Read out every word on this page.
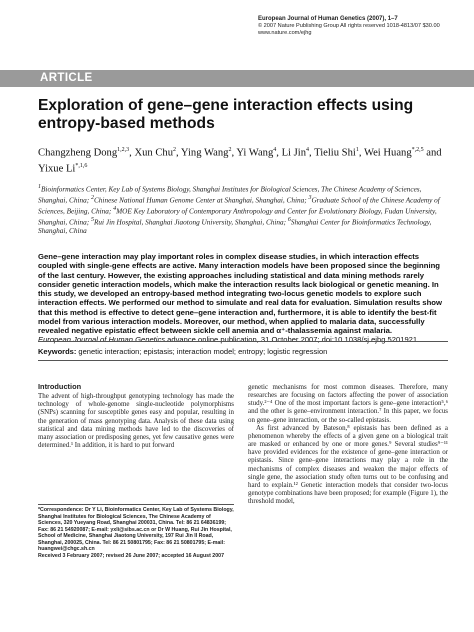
European Journal of Human Genetics (2007), 1–7
© 2007 Nature Publishing Group All rights reserved 1018-4813/07 $30.00
www.nature.com/ejhg
ARTICLE
Exploration of gene–gene interaction effects using entropy-based methods
Changzheng Dong$^{1,2,3}$, Xun Chu$^2$, Ying Wang$^2$, Yi Wang$^4$, Li Jin$^4$, Tieliu Shi$^1$, Wei Huang$^{*,2,5}$ and Yixue $Li^{*,1,6}$
$^1$Bioinformatics Center, Key Lab of Systems Biology, Shanghai Institutes for Biological Sciences, The Chinese Academy of Sciences, Shanghai, China; $^2$Chinese National Human Genome Center at Shanghai, Shanghai, China; $^3$Graduate School of the Chinese Academy of Sciences, Beijing, China; $^4$MOE Key Laboratory of Contemporary Anthropology and Center for Evolutionary Biology, Fudan University, Shanghai, China; $^5$Rui Jin Hospital, Shanghai Jiaotong University, Shanghai, China; $^6$Shanghai Center for Bioinformatics Technology, Shanghai, China
Gene–gene interaction may play important roles in complex disease studies, in which interaction effects coupled with single-gene effects are active. Many interaction models have been proposed since the beginning of the last century. However, the existing approaches including statistical and data mining methods rarely consider genetic interaction models, which make the interaction results lack biological or genetic meaning. In this study, we developed an entropy-based method integrating two-locus genetic models to explore such interaction effects. We performed our method to simulate and real data for evaluation. Simulation results show that this method is effective to detect gene–gene interaction and, furthermore, it is able to identify the best-fit model from various interaction models. Moreover, our method, when applied to malaria data, successfully revealed negative epistatic effect between sickle cell anemia and α⁺-thalassemia against malaria.
European Journal of Human Genetics advance online publication, 31 October 2007; doi:10.1038/sj.ejhg.5201921
Keywords: genetic interaction; epistasis; interaction model; entropy; logistic regression
Introduction

The advent of high-throughput genotyping technology has made the technology of whole-genome single-nucleotide polymorphisms (SNPs) scanning for susceptible genes easy and popular, resulting in the generation of mass genotyping data. Analysis of these data using statistical and data mining methods have led to the discoveries of many association or predisposing genes, yet few causative genes were determined.¹ In addition, it is hard to put forward

*Correspondence: Dr Y Li, Bioinformatics Center, Key Lab of Systems Biology, Shanghai Institutes for Biological Sciences, The Chinese Academy of Sciences, 320 Yueyang Road, Shanghai 200031, China. Tel: 86 21 64836199; Fax: 86 21 54920087; E-mail: yxli@sibs.ac.cn or Dr W Huang, Rui Jin Hospital, School of Medicine, Shanghai Jiaotong University, 197 Rui Jin II Road, Shanghai, 200025, China. Tel: 86 21 50801795; Fax: 86 21 50801795; E-mail: huangwei@chgc.sh.cn
Received 3 February 2007; revised 26 June 2007; accepted 16 August 2007

genetic mechanisms for most common diseases. Therefore, many researches are focusing on factors affecting the power of association study.²⁻⁴ One of the most important factors is gene–gene interaction⁵,⁶ and the other is gene–environment interaction.⁷ In this paper, we focus on gene–gene interaction, or the so-called epistasis.

As first advanced by Bateson,⁸ epistasis has been defined as a phenomenon whereby the effects of a given gene on a biological trait are masked or enhanced by one or more genes.⁹ Several studies⁹⁻¹¹ have provided evidences for the existence of gene–gene interaction or epistasis. Since gene–gene interactions may play a role in the mechanisms of complex diseases and weaken the major effects of single gene, the association study often turns out to be confusing and hard to explain.¹² Genetic interaction models that consider two-locus genotype combinations have been proposed; for example (Figure 1), the threshold model,
